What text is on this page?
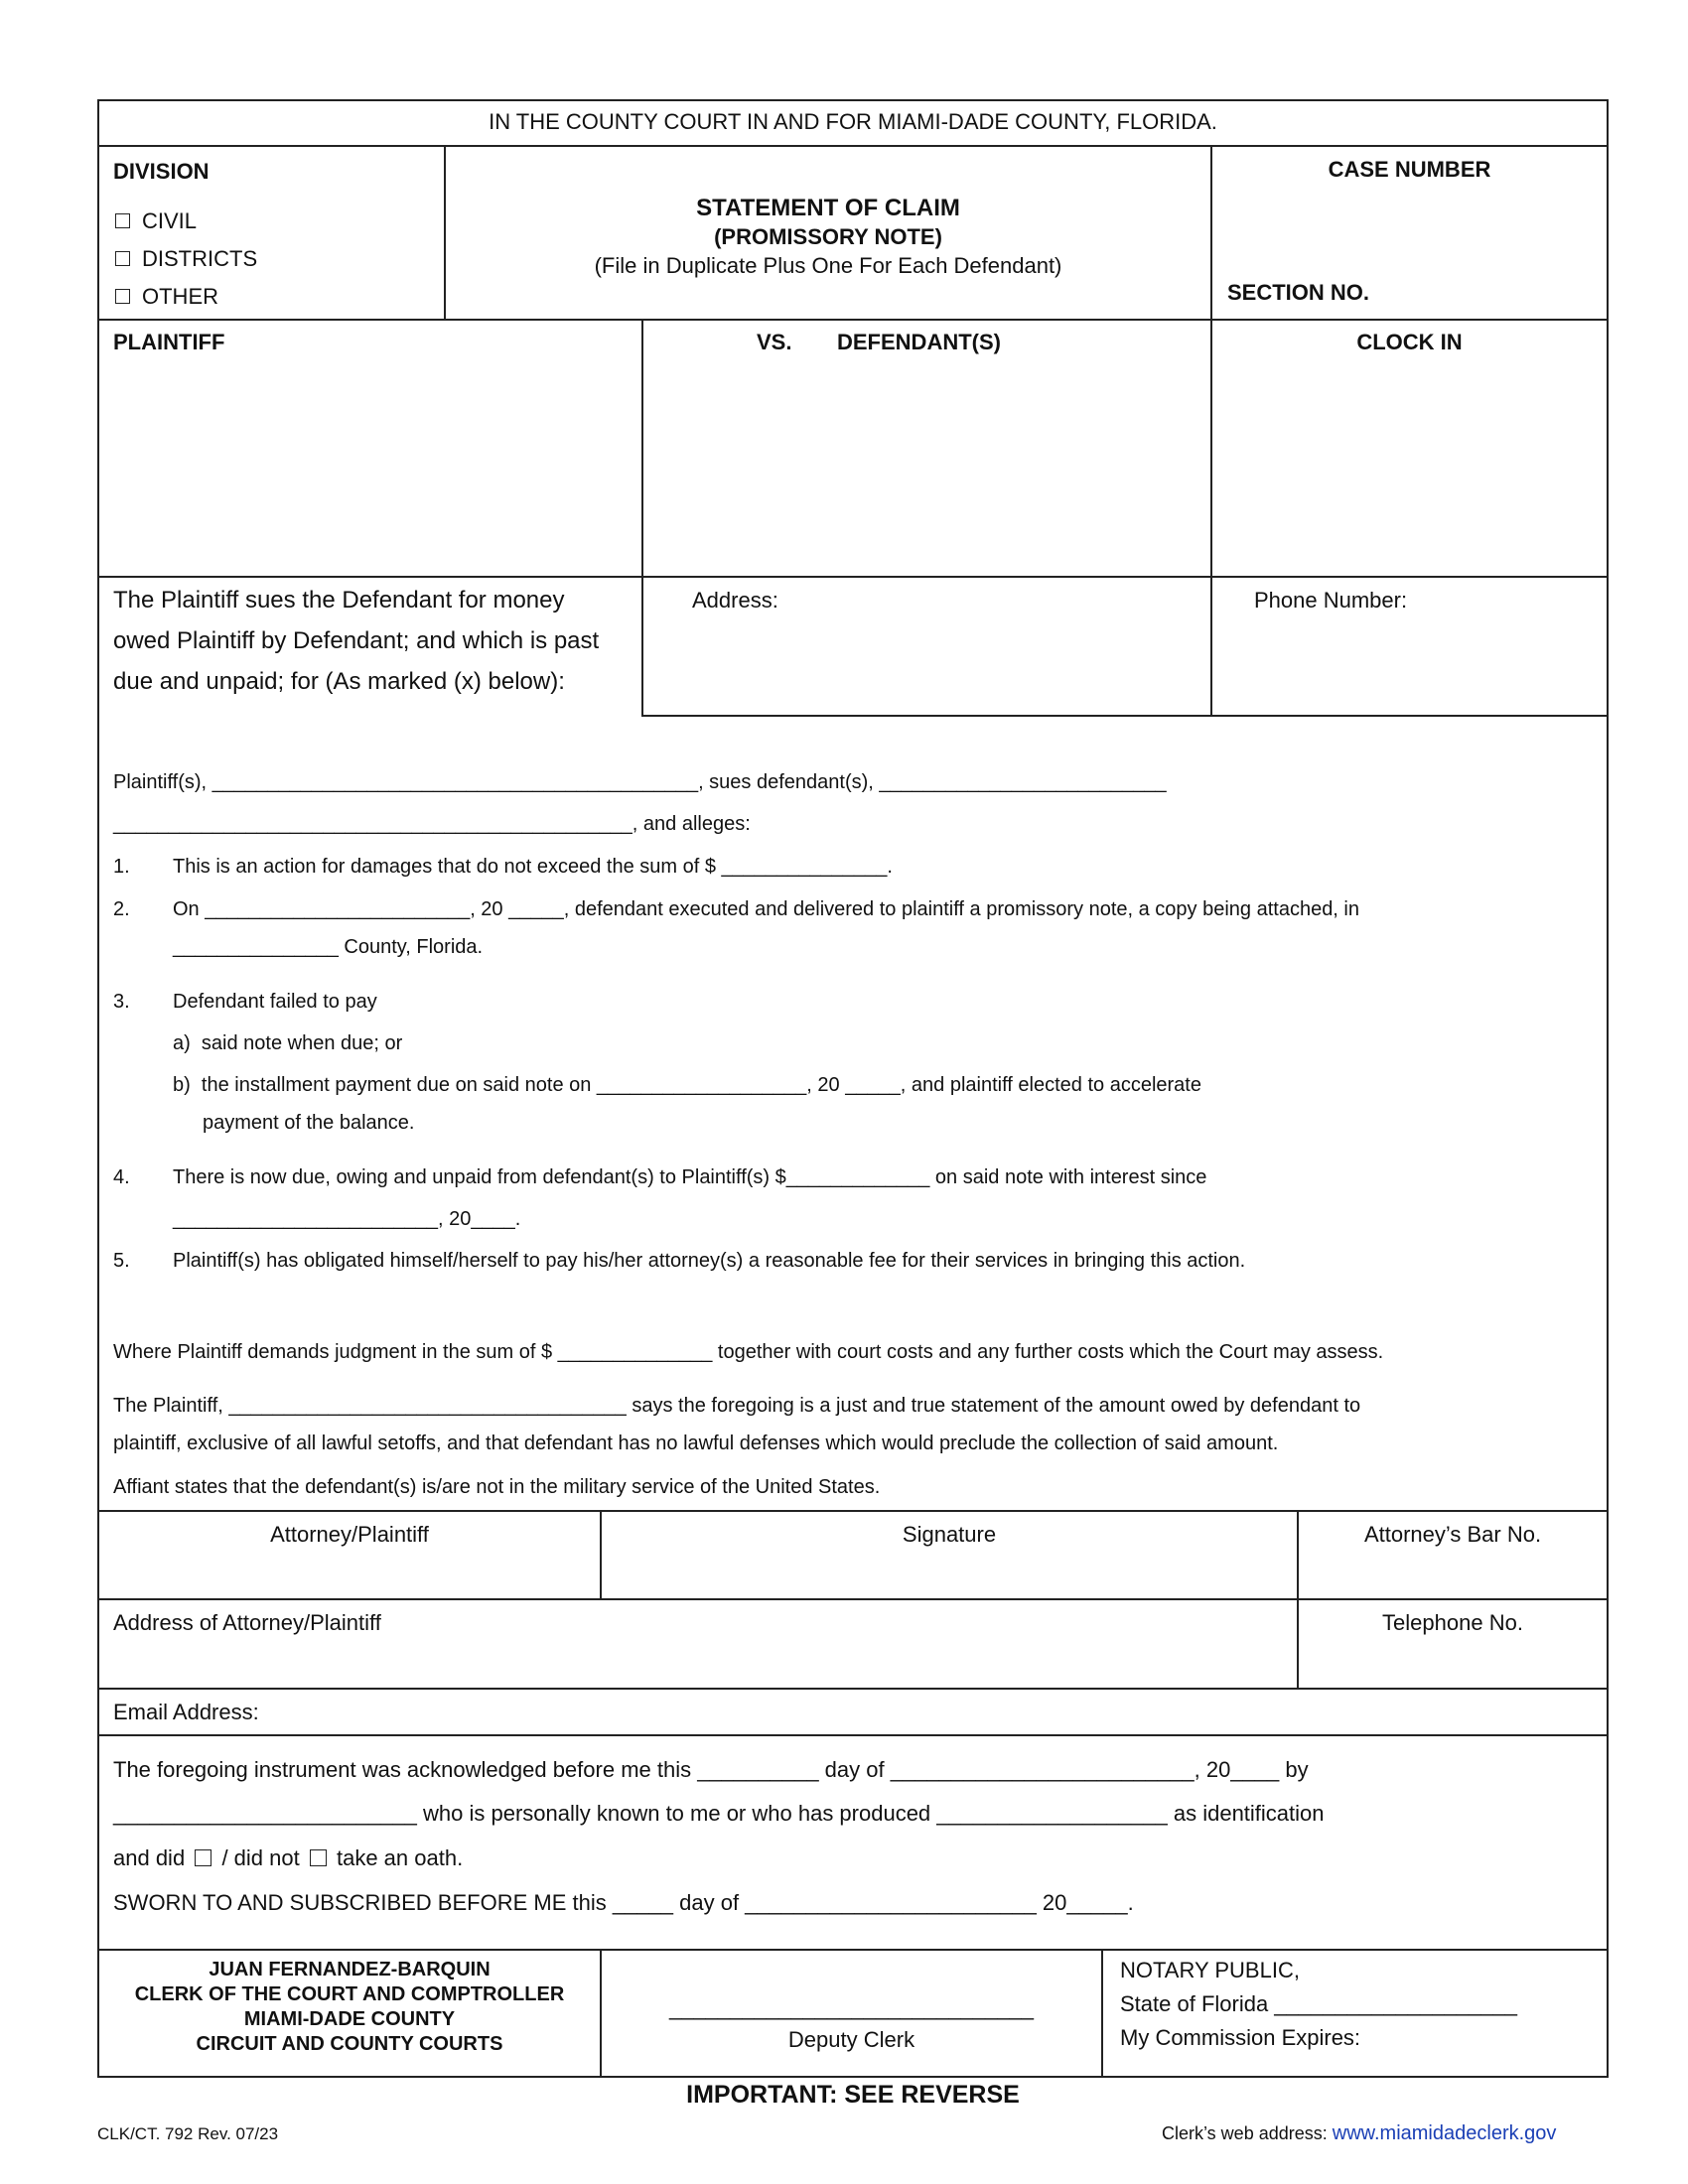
IN THE COUNTY COURT IN AND FOR MIAMI-DADE COUNTY, FLORIDA.
DIVISION
CIVIL
DISTRICTS
OTHER
STATEMENT OF CLAIM
(PROMISSORY NOTE)
(File in Duplicate Plus One For Each Defendant)
CASE NUMBER
SECTION NO.
PLAINTIFF	VS. DEFENDANT(S)	CLOCK IN
The Plaintiff sues the Defendant for money
owed Plaintiff by Defendant; and which is past
due and unpaid; for (As marked (x) below):
Address:	Phone Number:
Plaintiff(s), ____________________________________________, sues defendant(s), __________________________
_______________________________________________, and alleges:
1. This is an action for damages that do not exceed the sum of $ _______________.
2. On ________________________, 20 _____, defendant executed and delivered to plaintiff a promissory note, a copy being attached, in
_______________ County, Florida.
3. Defendant failed to pay
a)  said note when due; or
b)  the installment payment due on said note on ___________________, 20 _____, and plaintiff elected to accelerate
payment of the balance.
4. There is now due, owing and unpaid from defendant(s) to Plaintiff(s) $_____________ on said note with interest since
________________________, 20____.
5. Plaintiff(s) has obligated himself/herself to pay his/her attorney(s) a reasonable fee for their services in bringing this action.
Where Plaintiff demands judgment in the sum of $ ______________ together with court costs and any further costs which the Court may assess.
The Plaintiff, ____________________________________ says the foregoing is a just and true statement of the amount owed by defendant to
plaintiff, exclusive of all lawful setoffs, and that defendant has no lawful defenses which would preclude the collection of said amount.
Affiant states that the defendant(s) is/are not in the military service of the United States.
Attorney/Plaintiff	Signature	Attorney’s Bar No.
Address of Attorney/Plaintiff	Telephone No.
Email Address:
The foregoing instrument was acknowledged before me this __________ day of _________________________, 20____ by
_________________________ who is personally known to me or who has produced ___________________ as identification
and did / did not take an oath.
SWORN TO AND SUBSCRIBED BEFORE ME this _____ day of ________________________ 20_____.
JUAN FERNANDEZ-BARQUIN
CLERK OF THE COURT AND COMPTROLLER
MIAMI-DADE COUNTY
CIRCUIT AND COUNTY COURTS
______________________________
Deputy Clerk
NOTARY PUBLIC,
State of Florida ____________________
My Commission Expires:
IMPORTANT: SEE REVERSE
CLK/CT. 792 Rev. 07/23	Clerk’s web address: www.miamidadeclerk.gov
